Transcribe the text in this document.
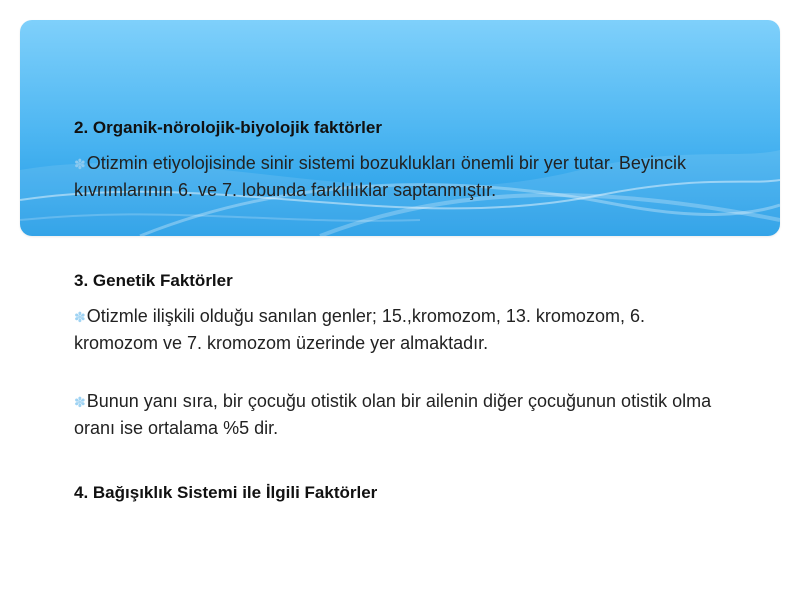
2. Organik-nörolojik-biyolojik faktörler
✽Otizmin etiyolojisinde sinir sistemi bozuklukları önemli bir yer tutar. Beyincik kıvrımlarının 6. ve 7. lobunda farklılıklar saptanmıştır.
3. Genetik Faktörler
✽Otizmle ilişkili olduğu sanılan genler; 15.,kromozom, 13. kromozom, 6. kromozom ve 7. kromozom üzerinde yer almaktadır.
✽Bunun yanı sıra, bir çocuğu otistik olan bir ailenin diğer çocuğunun otistik olma oranı ise ortalama %5 dir.
4. Bağışıklık Sistemi ile İlgili Faktörler
